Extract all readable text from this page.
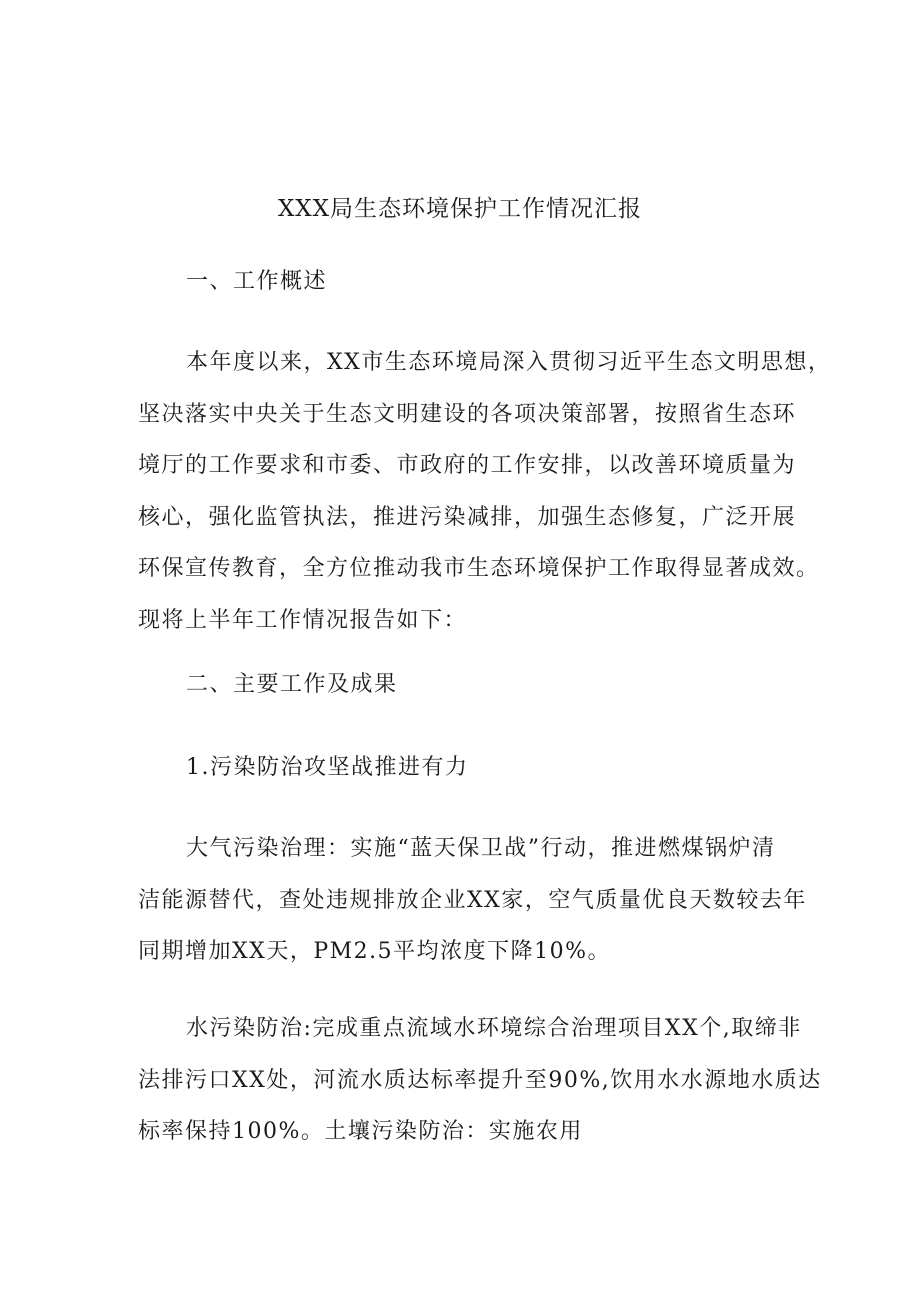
XXX局生态环境保护工作情况汇报
一、工作概述
本年度以来，XX市生态环境局深入贯彻习近平生态文明思想，
坚决落实中央关于生态文明建设的各项决策部署，按照省生态环
境厅的工作要求和市委、市政府的工作安排，以改善环境质量为
核心，强化监管执法，推进污染减排，加强生态修复，广泛开展
环保宣传教育，全方位推动我市生态环境保护工作取得显著成效。
现将上半年工作情况报告如下：
二、主要工作及成果
1.污染防治攻坚战推进有力
大气污染治理：实施“蓝天保卫战”行动，推进燃煤锅炉清
洁能源替代，查处违规排放企业XX家，空气质量优良天数较去年
同期增加XX天，PM2.5平均浓度下降10%。
水污染防治:完成重点流域水环境综合治理项目XX个,取缔非
法排污口XX处，河流水质达标率提升至90%,饮用水水源地水质达
标率保持100%。土壤污染防治：实施农用
